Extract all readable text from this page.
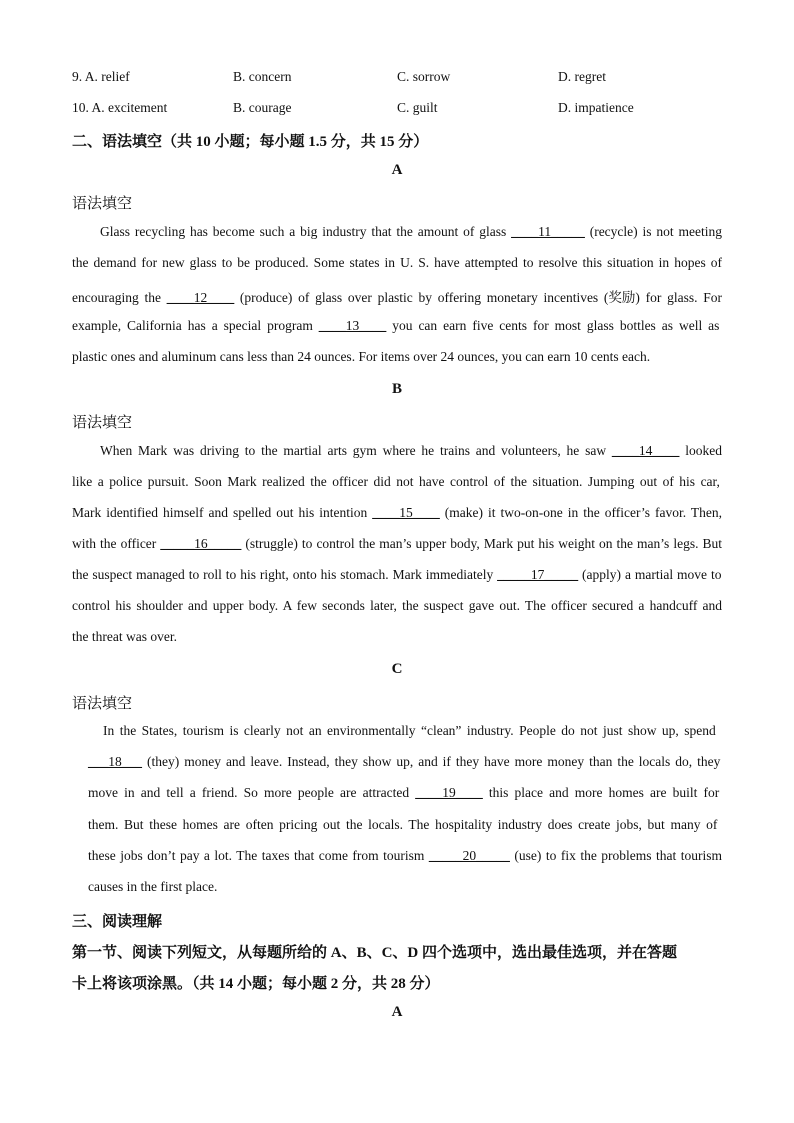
9. A. relief	B. concern	C. sorrow	D. regret
10. A. excitement	B. courage	C. guilt	D. impatience
二、语法填空（共 10 小题；每小题 1.5 分，共 15 分）
A
语法填空
Glass recycling has become such a big industry that the amount of glass ____11_____ (recycle) is not meeting
the demand for new glass to be produced. Some states in U. S. have attempted to resolve this situation in hopes of
encouraging the ____12____ (produce) of glass over plastic by offering monetary incentives (奖励) for glass. For
example, California has a special program ____13____ you can earn five cents for most glass bottles as well as
plastic ones and aluminum cans less than 24 ounces. For items over 24 ounces, you can earn 10 cents each.
B
语法填空
When Mark was driving to the martial arts gym where he trains and volunteers, he saw ____14____ looked
like a police pursuit. Soon Mark realized the officer did not have control of the situation. Jumping out of his car,
Mark identified himself and spelled out his intention ____15____ (make) it two-on-one in the officer’s favor. Then,
with the officer _____16_____ (struggle) to control the man’s upper body, Mark put his weight on the man’s legs. But
the suspect managed to roll to his right, onto his stomach. Mark immediately _____17_____ (apply) a martial move to
control his shoulder and upper body. A few seconds later, the suspect gave out. The officer secured a handcuff and
the threat was over.
C
语法填空
In the States, tourism is clearly not an environmentally “clean” industry. People do not just show up, spend
___18___ (they) money and leave. Instead, they show up, and if they have more money than the locals do, they
move in and tell a friend. So more people are attracted ____19____ this place and more homes are built for
them. But these homes are often pricing out the locals. The hospitality industry does create jobs, but many of
these jobs don’t pay a lot. The taxes that come from tourism _____20_____ (use) to fix the problems that tourism
causes in the first place.
三、阅读理解
第一节、阅读下列短文，从每题所给的 A、B、C、D 四个选项中，选出最佳选项，并在答题
卡上将该项涂黑。（共 14 小题；每小题 2 分，共 28 分）
A
